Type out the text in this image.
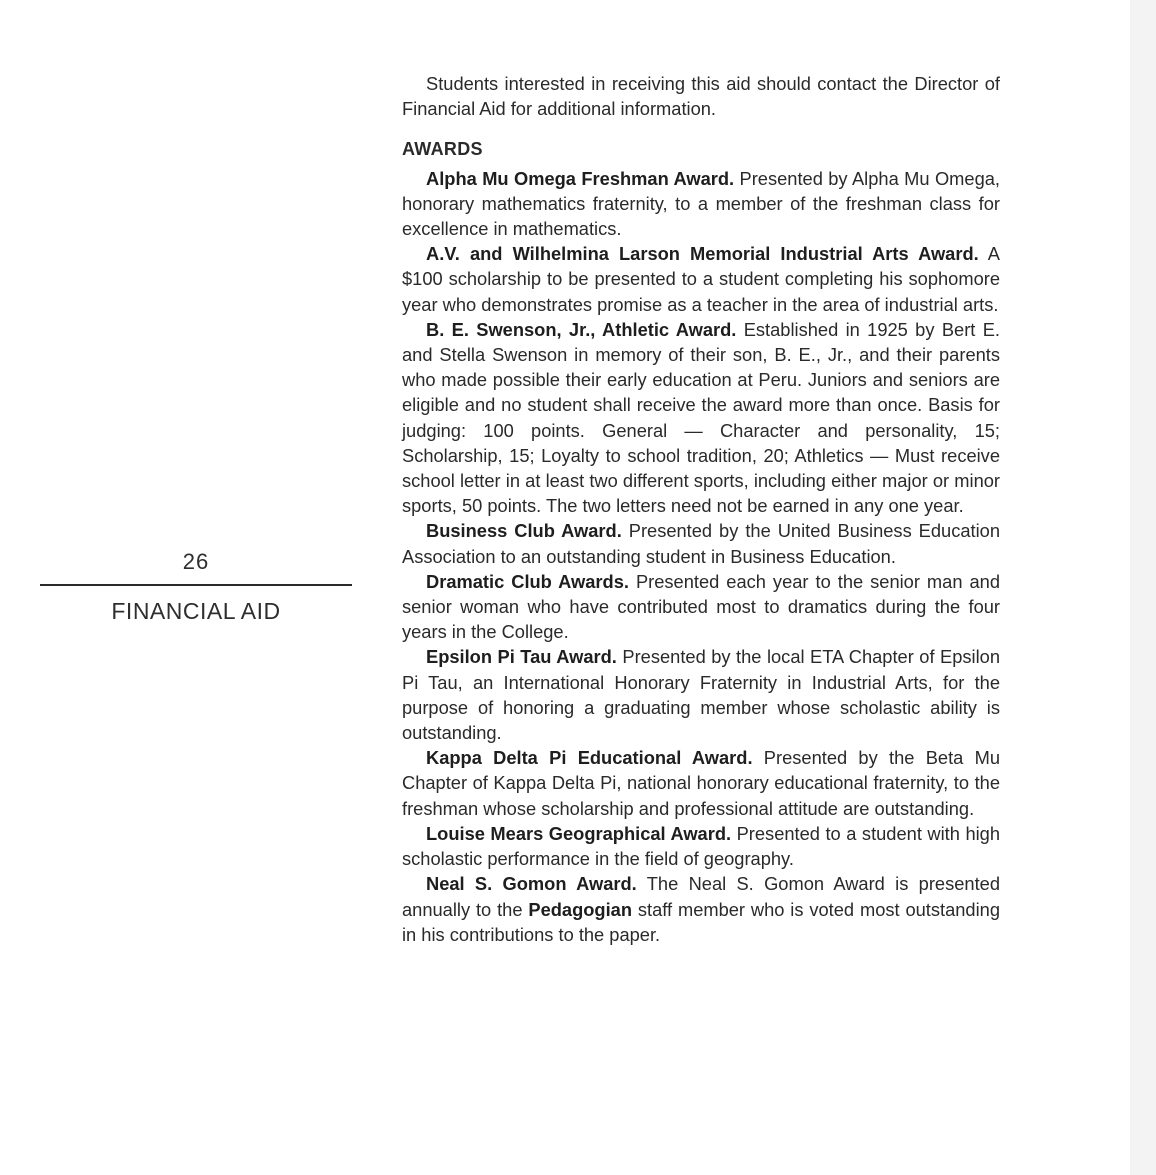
26
FINANCIAL AID

Students interested in receiving this aid should contact the Director of Financial Aid for additional information.

AWARDS

Alpha Mu Omega Freshman Award. Presented by Alpha Mu Omega, honorary mathematics fraternity, to a member of the freshman class for excellence in mathematics.

A.V. and Wilhelmina Larson Memorial Industrial Arts Award. A $100 scholarship to be presented to a student completing his sophomore year who demonstrates promise as a teacher in the area of industrial arts.

B. E. Swenson, Jr., Athletic Award. Established in 1925 by Bert E. and Stella Swenson in memory of their son, B. E., Jr., and their parents who made possible their early education at Peru. Juniors and seniors are eligible and no student shall receive the award more than once. Basis for judging: 100 points. General — Character and personality, 15; Scholarship, 15; Loyalty to school tradition, 20; Athletics — Must receive school letter in at least two different sports, including either major or minor sports, 50 points. The two letters need not be earned in any one year.

Business Club Award. Presented by the United Business Education Association to an outstanding student in Business Education.

Dramatic Club Awards. Presented each year to the senior man and senior woman who have contributed most to dramatics during the four years in the College.

Epsilon Pi Tau Award. Presented by the local ETA Chapter of Epsilon Pi Tau, an International Honorary Fraternity in Industrial Arts, for the purpose of honoring a graduating member whose scholastic ability is outstanding.

Kappa Delta Pi Educational Award. Presented by the Beta Mu Chapter of Kappa Delta Pi, national honorary educational fraternity, to the freshman whose scholarship and professional attitude are outstanding.

Louise Mears Geographical Award. Presented to a student with high scholastic performance in the field of geography.

Neal S. Gomon Award. The Neal S. Gomon Award is presented annually to the Pedagogian staff member who is voted most outstanding in his contributions to the paper.
